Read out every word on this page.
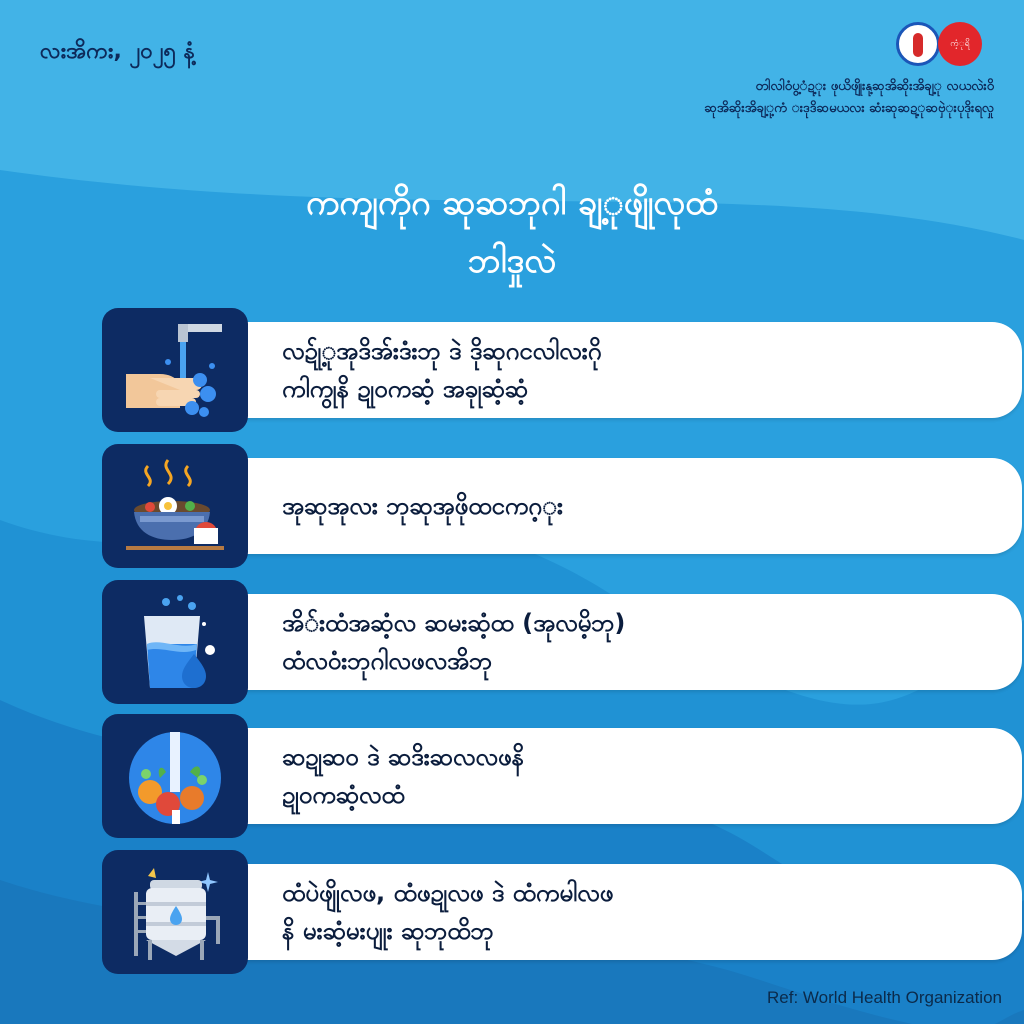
လးအိကး, ၂၀၂၅ နံ့	ကံ့ုရိ
တါလါဝံပွ့ံဍ့ုး ဖုယိဖျိုးနု့ဆုအိဆိုးအိချ့ု လယလဲးဝိ
ဆုအိဆိုးအိချ့ု့ကံ းဒုဒိဆမယလး ဆံးဆုဆဍ့ုဆဗှဲုးပုဒိုးရလှု
ကကျကိုဂ ဆုဆဘုဂါ ချ့ုဖျိုလုထံ
ဘါဒှုလဲ
လဍ်ု့ုအုဒိအ်းဒံးဘု ဒဲ ဒိုဆုဂငလါလးဂို
ကါကွုနိ ဍုဝကဆံ့ အခုုဆံ့ဆံ့
အုဆုအုလး ဘုဆုအုဖိုထငကဂ့ုး
အိ်းထံအဆံ့လ ဆမးဆံ့ထ (အုလမိ့ဘု)
ထံလဝံးဘုဂါလဖလအိဘု
ဆဍုဆဝ ဒဲ ဆဒိးဆလလဖနိ
ဍုဝကဆံ့လထံ
ထံပဲဖျိုလဖ, ထံဖဍုလဖ ဒဲ ထံကမါလဖ
နိ မးဆံ့မးပျုး ဆုဘုထိဘု
Ref: World Health Organization
